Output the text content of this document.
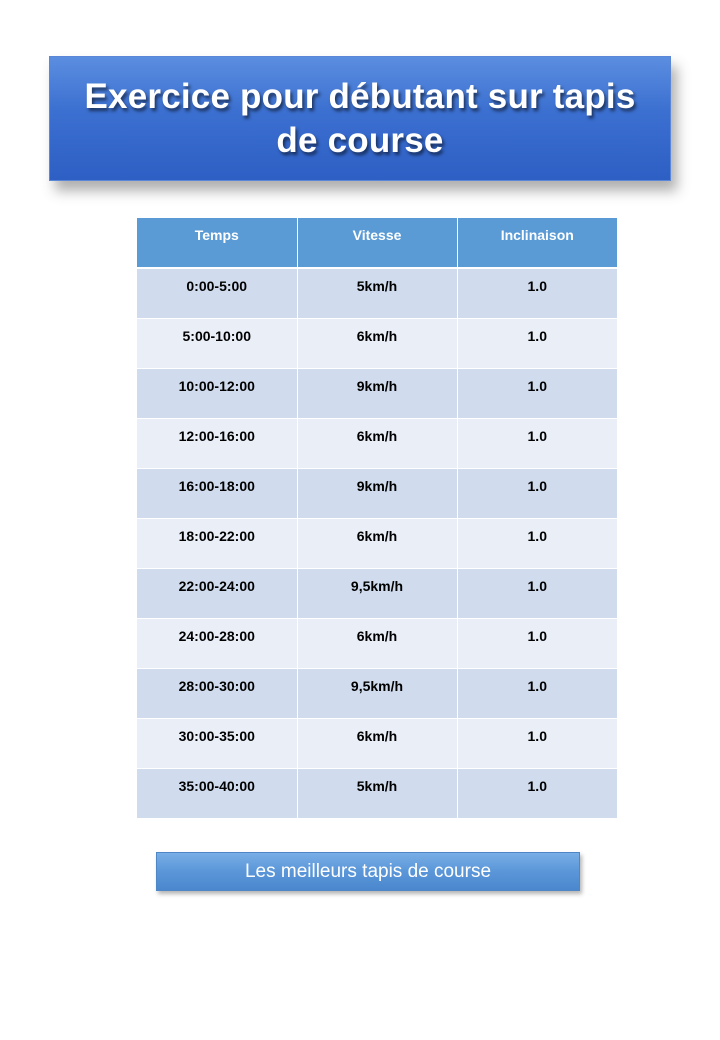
Exercice pour débutant sur tapis de course
Temps	Vitesse	Inclinaison
0:00-5:00	5km/h	1.0
5:00-10:00	6km/h	1.0
10:00-12:00	9km/h	1.0
12:00-16:00	6km/h	1.0
16:00-18:00	9km/h	1.0
18:00-22:00	6km/h	1.0
22:00-24:00	9,5km/h	1.0
24:00-28:00	6km/h	1.0
28:00-30:00	9,5km/h	1.0
30:00-35:00	6km/h	1.0
35:00-40:00	5km/h	1.0
Les meilleurs tapis de course
